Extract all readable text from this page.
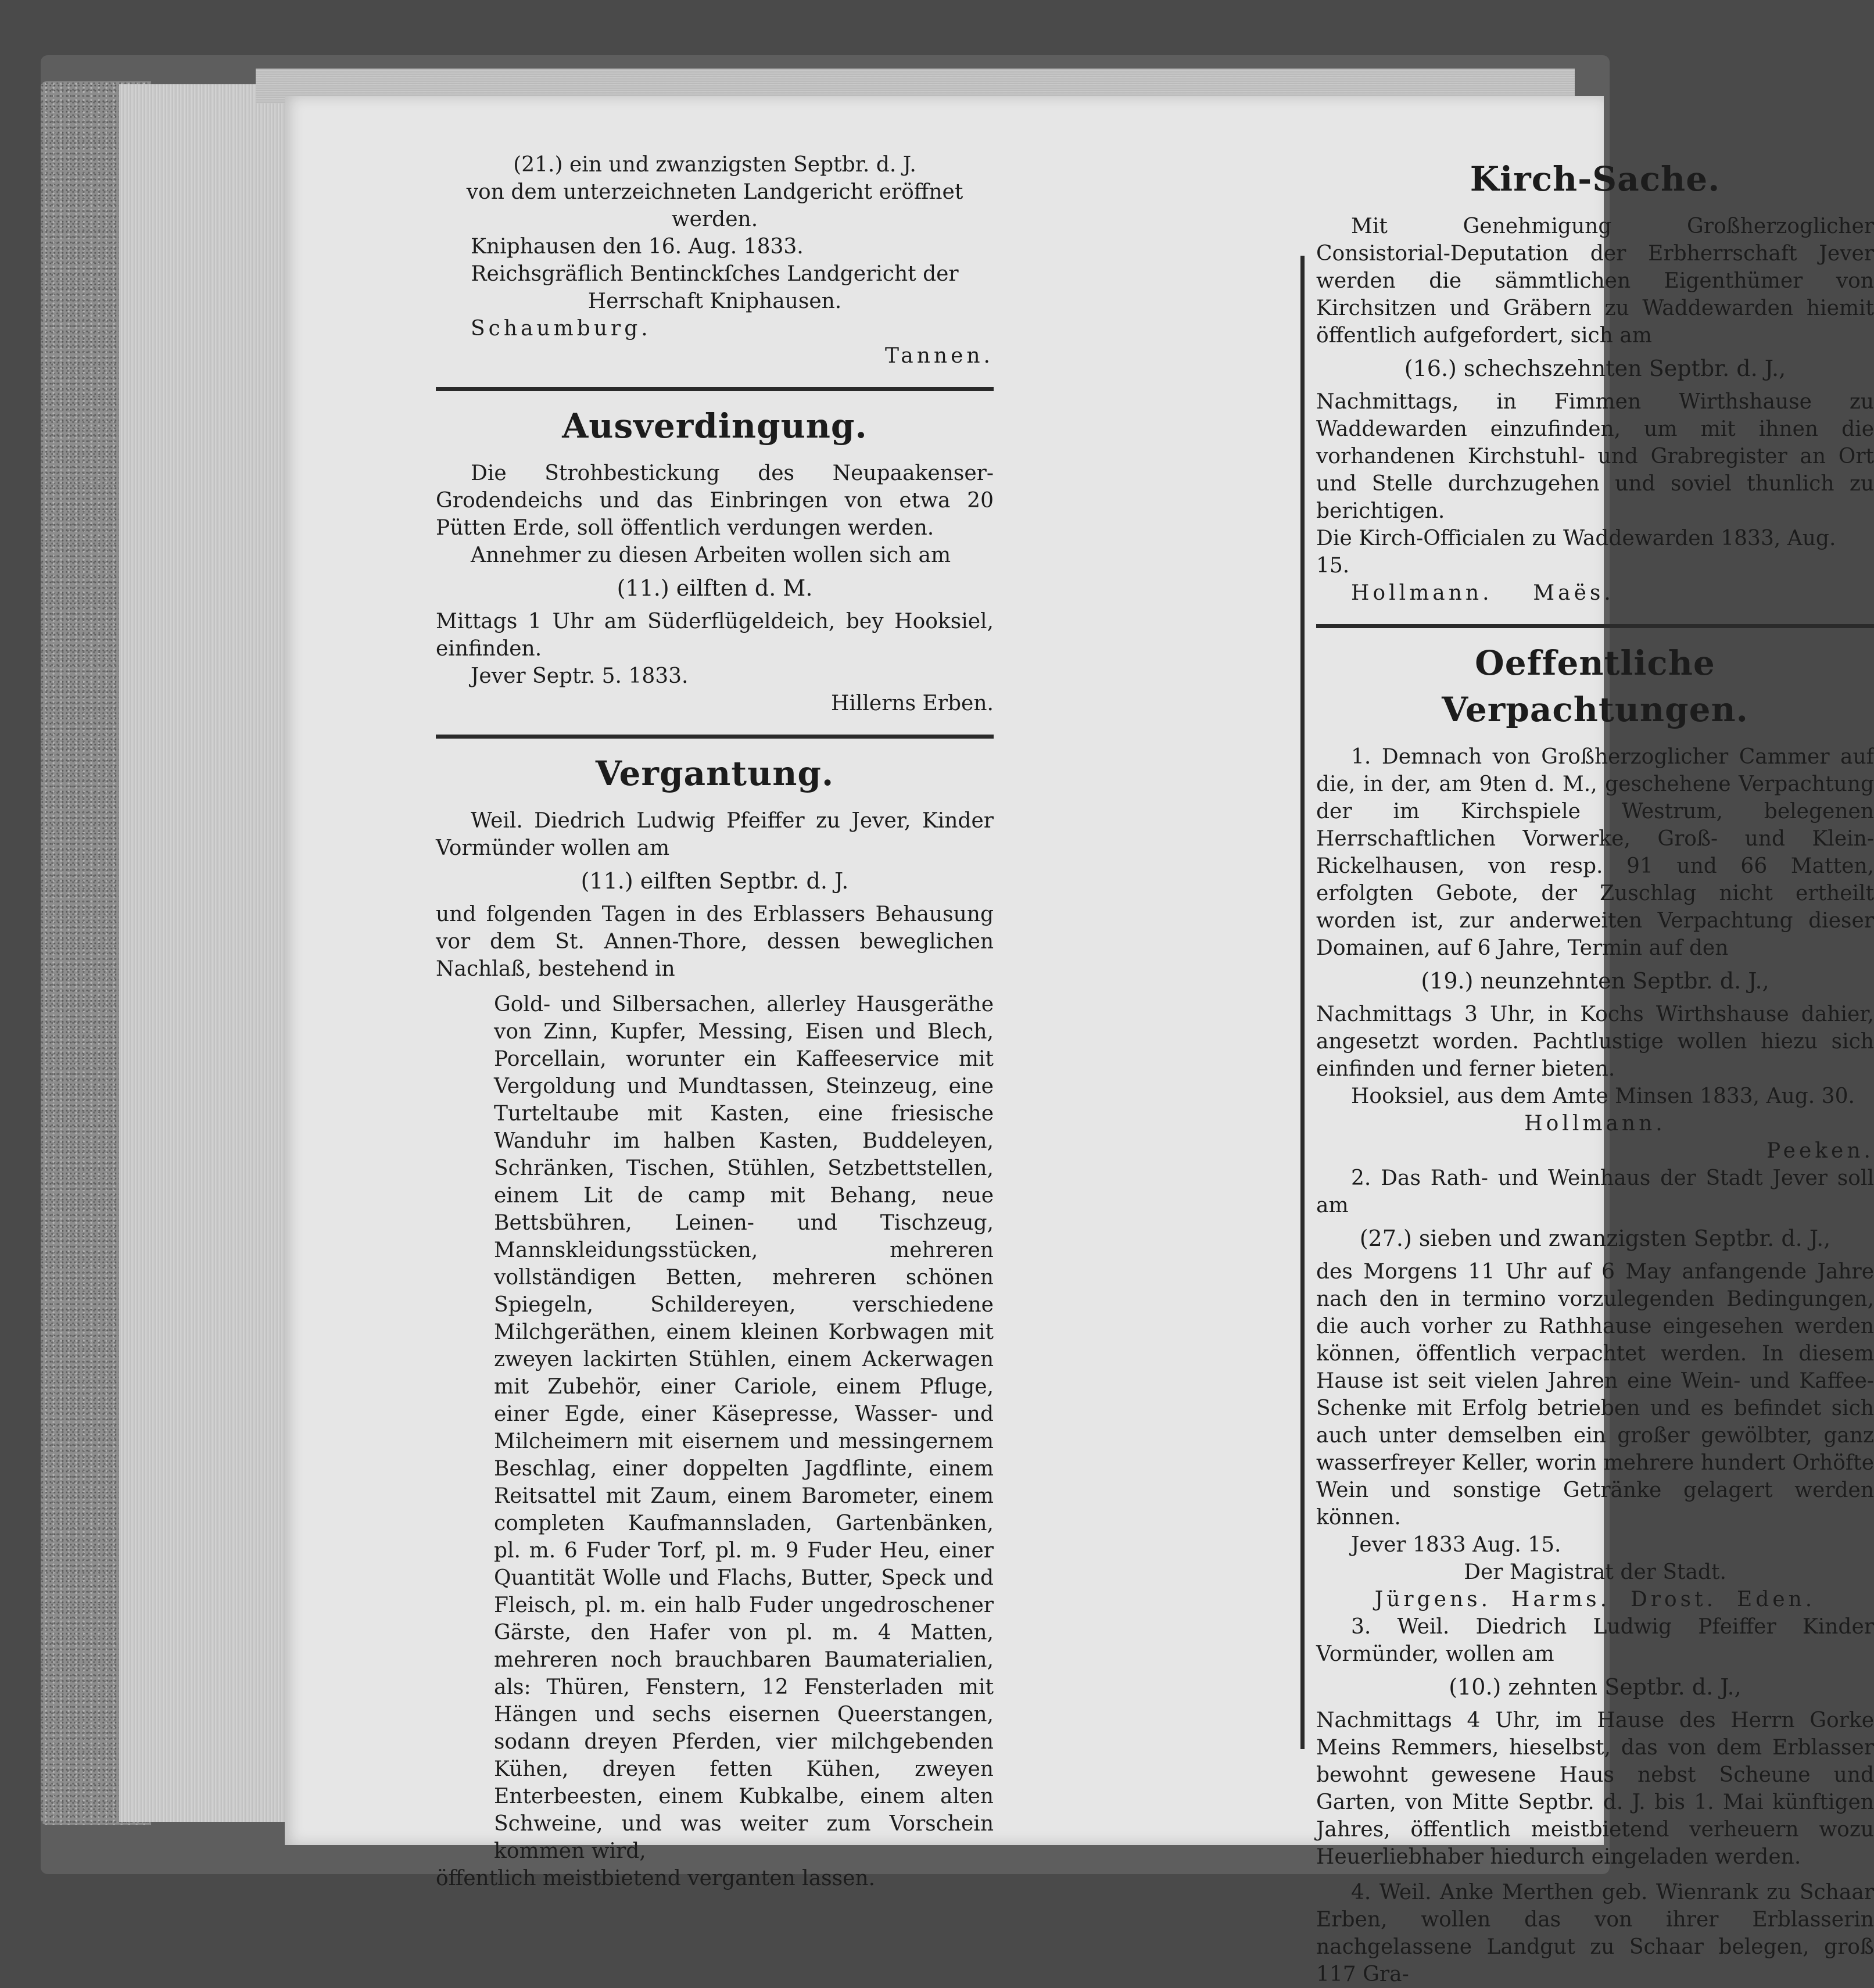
(21.) ein und zwanzigsten Septbr. d. J.

von dem unterzeichneten Landgericht eröffnet werden.

Kniphausen den 16. Aug. 1833.

Reichsgräflich Bentinckſches Landgericht der

Herrschaft Kniphausen.

Schaumburg.

Tannen.

Ausverdingung.

Die Strohbestickung des Neupaakenser-Grodendeichs und das Einbringen von etwa 20 Pütten Erde, soll öffentlich verdungen werden.

Annehmer zu diesen Arbeiten wollen sich am

(11.) eilften d. M.

Mittags 1 Uhr am Süderflügeldeich, bey Hooksiel, einfinden.

Jever Septr. 5. 1833.

Hillerns Erben.

Vergantung.

Weil. Diedrich Ludwig Pfeiffer zu Jever, Kinder Vormünder wollen am

(11.) eilften Septbr. d. J.

und folgenden Tagen in des Erblassers Behausung vor dem St. Annen-Thore, dessen beweglichen Nachlaß, bestehend in

Gold- und Silbersachen, allerley Hausgeräthe von Zinn, Kupfer, Messing, Eisen und Blech, Porcellain, worunter ein Kaffeeservice mit Vergoldung und Mundtassen, Steinzeug, eine Turteltaube mit Kasten, eine friesische Wanduhr im halben Kasten, Buddeleyen, Schränken, Tischen, Stühlen, Setzbettstellen, einem Lit de camp mit Behang, neue Bettsbühren, Leinen- und Tischzeug, Mannskleidungsstücken, mehreren vollständigen Betten, mehreren schönen Spiegeln, Schildereyen, verschiedene Milchgeräthen, einem kleinen Korbwagen mit zweyen lackirten Stühlen, einem Ackerwagen mit Zubehör, einer Cariole, einem Pfluge, einer Egde, einer Käsepresse, Wasser- und Milcheimern mit eisernem und messingernem Beschlag, einer doppelten Jagdflinte, einem Reitsattel mit Zaum, einem Barometer, einem completen Kaufmannsladen, Gartenbänken, pl. m. 6 Fuder Torf, pl. m. 9 Fuder Heu, einer Quantität Wolle und Flachs, Butter, Speck und Fleisch, pl. m. ein halb Fuder ungedroschener Gärste, den Hafer von pl. m. 4 Matten, mehreren noch brauchbaren Baumaterialien, als: Thüren, Fenstern, 12 Fensterladen mit Hängen und sechs eisernen Queerstangen, sodann dreyen Pferden, vier milchgebenden Kühen, dreyen fetten Kühen, zweyen Enterbeesten, einem Kubkalbe, einem alten Schweine, und was weiter zum Vorschein kommen wird,

öffentlich meistbietend verganten lassen.

Kirch-Sache.

Mit Genehmigung Großherzoglicher Consistorial-Deputation der Erbherrschaft Jever werden die sämmtlichen Eigenthümer von Kirchsitzen und Gräbern zu Waddewarden hiemit öffentlich aufgefordert, sich am

(16.) schechszehnten Septbr. d. J.,

Nachmittags, in Fimmen Wirthshause zu Waddewarden einzufinden, um mit ihnen die vorhandenen Kirchstuhl- und Grabregister an Ort und Stelle durchzugehen und soviel thunlich zu berichtigen.

Die Kirch-Officialen zu Waddewarden 1833, Aug. 15.

Hollmann.    Maës.

Oeffentliche Verpachtungen.

1. Demnach von Großherzoglicher Cammer auf die, in der, am 9ten d. M., geschehene Verpachtung der im Kirchspiele Westrum, belegenen Herrschaftlichen Vorwerke, Groß- und Klein-Rickelhausen, von resp. 91 und 66 Matten, erfolgten Gebote, der Zuschlag nicht ertheilt worden ist, zur anderweiten Verpachtung dieser Domainen, auf 6 Jahre, Termin auf den

(19.) neunzehnten Septbr. d. J.,

Nachmittags 3 Uhr, in Kochs Wirthshause dahier, angesetzt worden. Pachtlustige wollen hiezu sich einfinden und ferner bieten.

Hooksiel, aus dem Amte Minsen 1833, Aug. 30.

Hollmann.

Peeken.

2. Das Rath- und Weinhaus der Stadt Jever soll am

(27.) sieben und zwanzigsten Septbr. d. J.,

des Morgens 11 Uhr auf 6 May anfangende Jahre nach den in termino vorzulegenden Bedingungen, die auch vorher zu Rathhause eingesehen werden können, öffentlich verpachtet werden. In diesem Hause ist seit vielen Jahren eine Wein- und Kaffee-Schenke mit Erfolg betrieben und es befindet sich auch unter demselben ein großer gewölbter, ganz wasserfreyer Keller, worin mehrere hundert Orhöfte Wein und sonstige Getränke gelagert werden können.

Jever 1833 Aug. 15.

Der Magistrat der Stadt.

Jürgens.  Harms.  Drost.  Eden.

3. Weil. Diedrich Ludwig Pfeiffer Kinder Vormünder, wollen am

(10.) zehnten Septbr. d. J.,

Nachmittags 4 Uhr, im Hause des Herrn Gorke Meins Remmers, hieselbst, das von dem Erblasser bewohnt gewesene Haus nebst Scheune und Garten, von Mitte Septbr. d. J. bis 1. Mai künftigen Jahres, öffentlich meistbietend verheuern wozu Heuerliebhaber hiedurch eingeladen werden.

4. Weil. Anke Merthen geb. Wienrank zu Schaar Erben, wollen das von ihrer Erblasserin nachgelassene Landgut zu Schaar belegen, groß 117 Gra-
